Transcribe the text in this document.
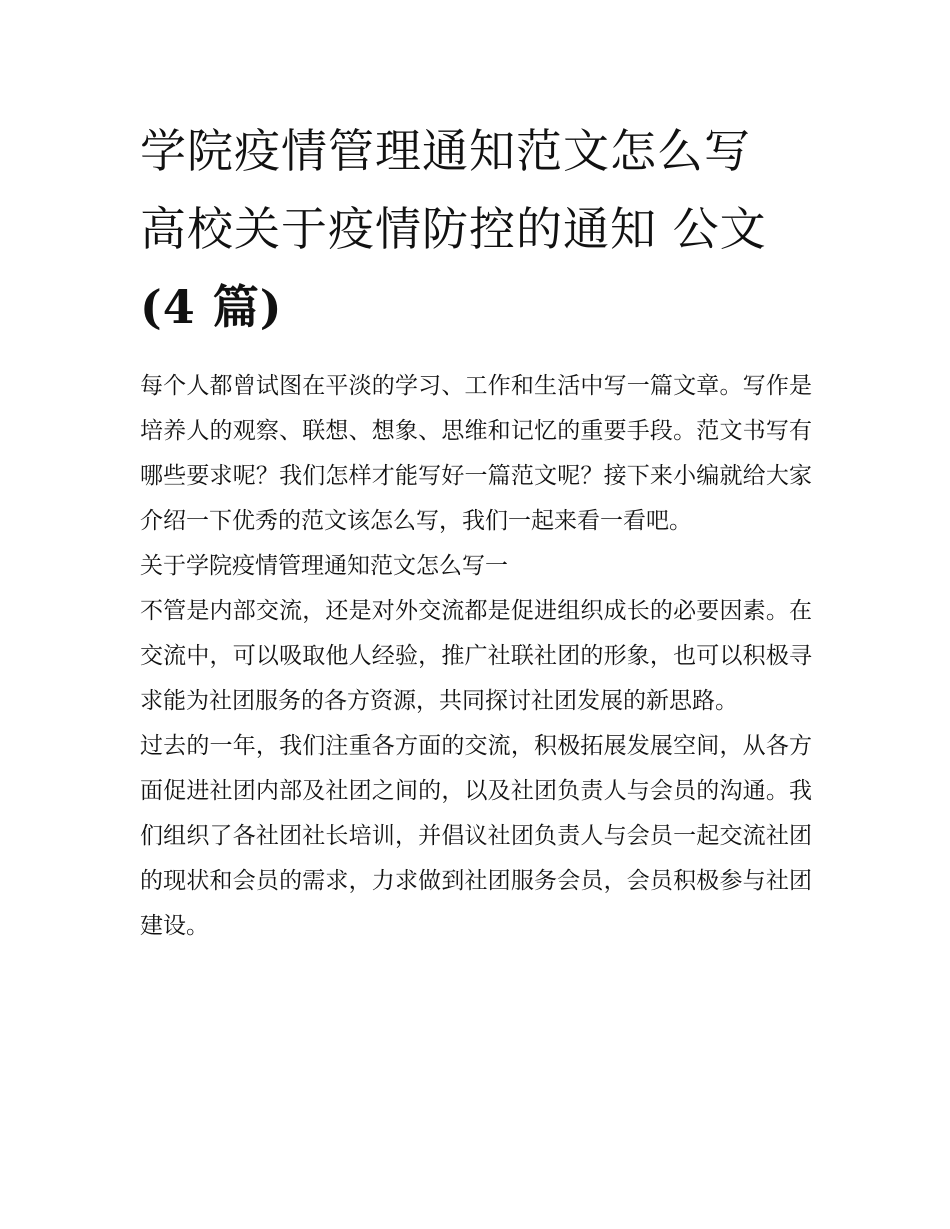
学院疫情管理通知范文怎么写
高校关于疫情防控的通知 公文
(4 篇)

每个人都曾试图在平淡的学习、工作和生活中写一篇文章。写作是培养人的观察、联想、想象、思维和记忆的重要手段。范文书写有哪些要求呢？我们怎样才能写好一篇范文呢？接下来小编就给大家介绍一下优秀的范文该怎么写，我们一起来看一看吧。

关于学院疫情管理通知范文怎么写一

不管是内部交流，还是对外交流都是促进组织成长的必要因素。在交流中，可以吸取他人经验，推广社联社团的形象，也可以积极寻求能为社团服务的各方资源，共同探讨社团发展的新思路。

过去的一年，我们注重各方面的交流，积极拓展发展空间，从各方面促进社团内部及社团之间的，以及社团负责人与会员的沟通。我们组织了各社团社长培训，并倡议社团负责人与会员一起交流社团的现状和会员的需求，力求做到社团服务会员，会员积极参与社团建设。
